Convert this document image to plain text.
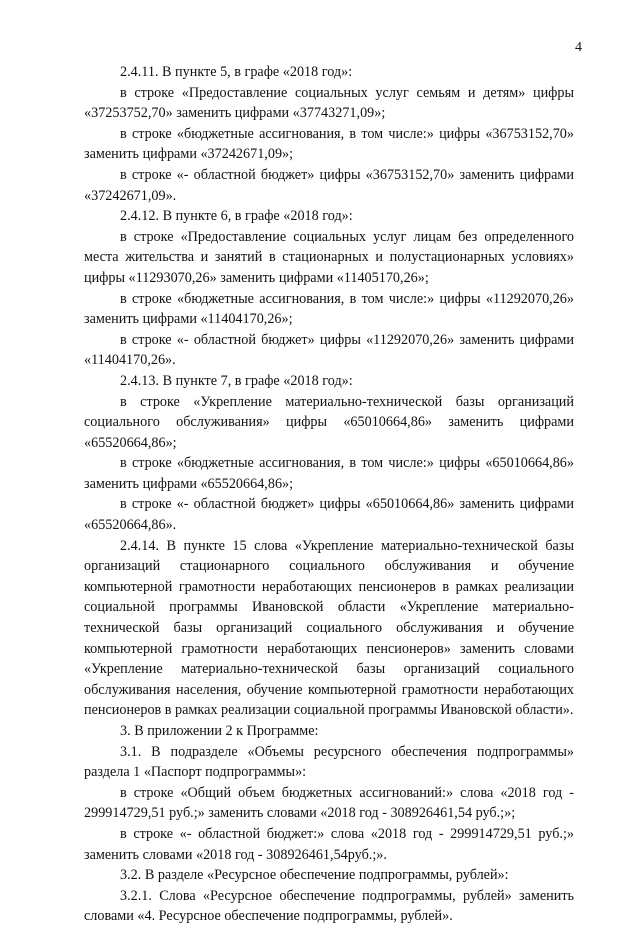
4

2.4.11. В пункте 5, в графе «2018 год»:

в строке «Предоставление социальных услуг семьям и детям» цифры «37253752,70» заменить цифрами «37743271,09»;

в строке «бюджетные ассигнования, в том числе:» цифры «36753152,70» заменить цифрами «37242671,09»;

в строке «- областной бюджет» цифры «36753152,70» заменить цифрами «37242671,09».

2.4.12. В пункте 6, в графе «2018 год»:

в строке «Предоставление социальных услуг лицам без определенного места жительства и занятий в стационарных и полустационарных условиях» цифры «11293070,26» заменить цифрами «11405170,26»;

в строке «бюджетные ассигнования, в том числе:» цифры «11292070,26» заменить цифрами «11404170,26»;

в строке «- областной бюджет» цифры «11292070,26» заменить цифрами «11404170,26».

2.4.13. В пункте 7, в графе «2018 год»:

в строке «Укрепление материально-технической базы организаций социального обслуживания» цифры «65010664,86» заменить цифрами «65520664,86»;

в строке «бюджетные ассигнования, в том числе:» цифры «65010664,86» заменить цифрами «65520664,86»;

в строке «- областной бюджет» цифры «65010664,86» заменить цифрами «65520664,86».

2.4.14. В пункте 15 слова «Укрепление материально-технической базы организаций стационарного социального обслуживания и обучение компьютерной грамотности неработающих пенсионеров в рамках реализации социальной программы Ивановской области «Укрепление материально-технической базы организаций социального обслуживания и обучение компьютерной грамотности неработающих пенсионеров» заменить словами «Укрепление материально-технической базы организаций социального обслуживания населения, обучение компьютерной грамотности неработающих пенсионеров в рамках реализации социальной программы Ивановской области».

3. В приложении 2 к Программе:

3.1. В подразделе «Объемы ресурсного обеспечения подпрограммы» раздела 1 «Паспорт подпрограммы»:

в строке «Общий объем бюджетных ассигнований:» слова «2018 год - 299914729,51 руб.;» заменить словами «2018 год - 308926461,54 руб.;»;

в строке «- областной бюджет:» слова «2018 год - 299914729,51 руб.;» заменить словами «2018 год - 308926461,54руб.;».

3.2. В разделе «Ресурсное обеспечение подпрограммы, рублей»:

3.2.1. Слова «Ресурсное обеспечение подпрограммы, рублей» заменить словами «4. Ресурсное обеспечение подпрограммы, рублей».
